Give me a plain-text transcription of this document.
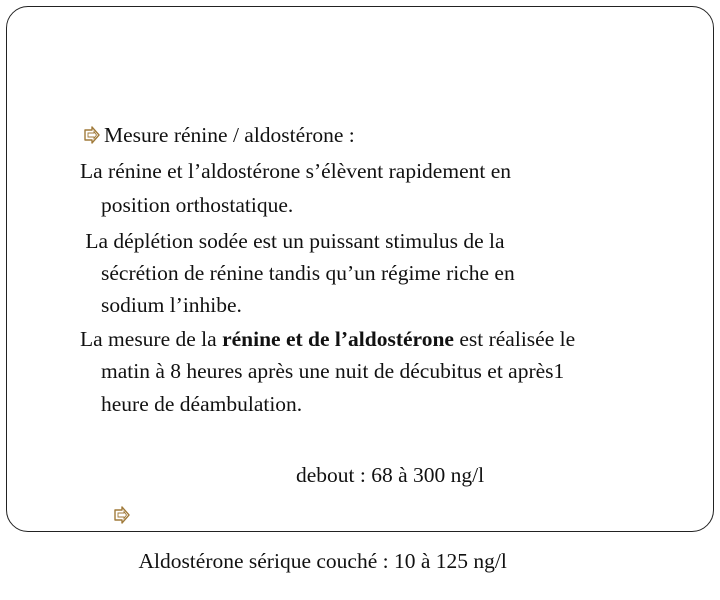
Mesure rénine / aldostérone :
La rénine et l’aldostérone s’élèvent rapidement en
position orthostatique.
La déplétion sodée est un puissant stimulus de la
sécrétion de rénine tandis qu’un régime riche en
sodium l’inhibe.
La mesure de la rénine et de l’aldostérone est réalisée le
matin à 8 heures après une nuit de décubitus et après1
heure de déambulation.

Aldostérone sérique couché : 10 à 125 ng/l

debout : 68 à 300 ng/l
